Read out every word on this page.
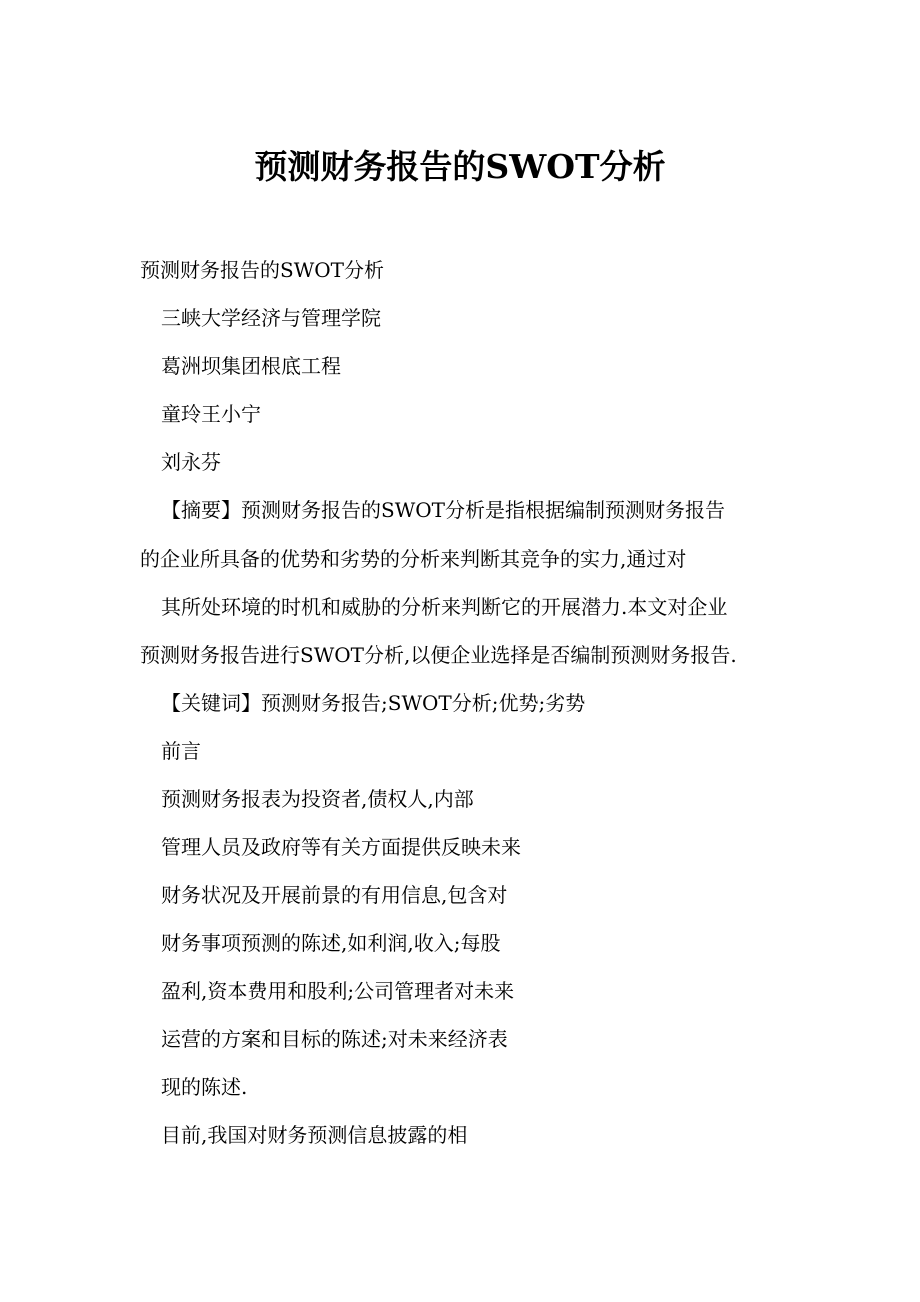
预测财务报告的SWOT分析
预测财务报告的SWOT分析
三峡大学经济与管理学院
葛洲坝集团根底工程
童玲王小宁
刘永芬
【摘要】预测财务报告的SWOT分析是指根据编制预测财务报告
的企业所具备的优势和劣势的分析来判断其竞争的实力,通过对
其所处环境的时机和威胁的分析来判断它的开展潜力.本文对企业
预测财务报告进行SWOT分析,以便企业选择是否编制预测财务报告.
【关键词】预测财务报告;SWOT分析;优势;劣势
前言
预测财务报表为投资者,债权人,内部
管理人员及政府等有关方面提供反映未来
财务状况及开展前景的有用信息,包含对
财务事项预测的陈述,如利润,收入;每股
盈利,资本费用和股利;公司管理者对未来
运营的方案和目标的陈述;对未来经济表
现的陈述.
目前,我国对财务预测信息披露的相
